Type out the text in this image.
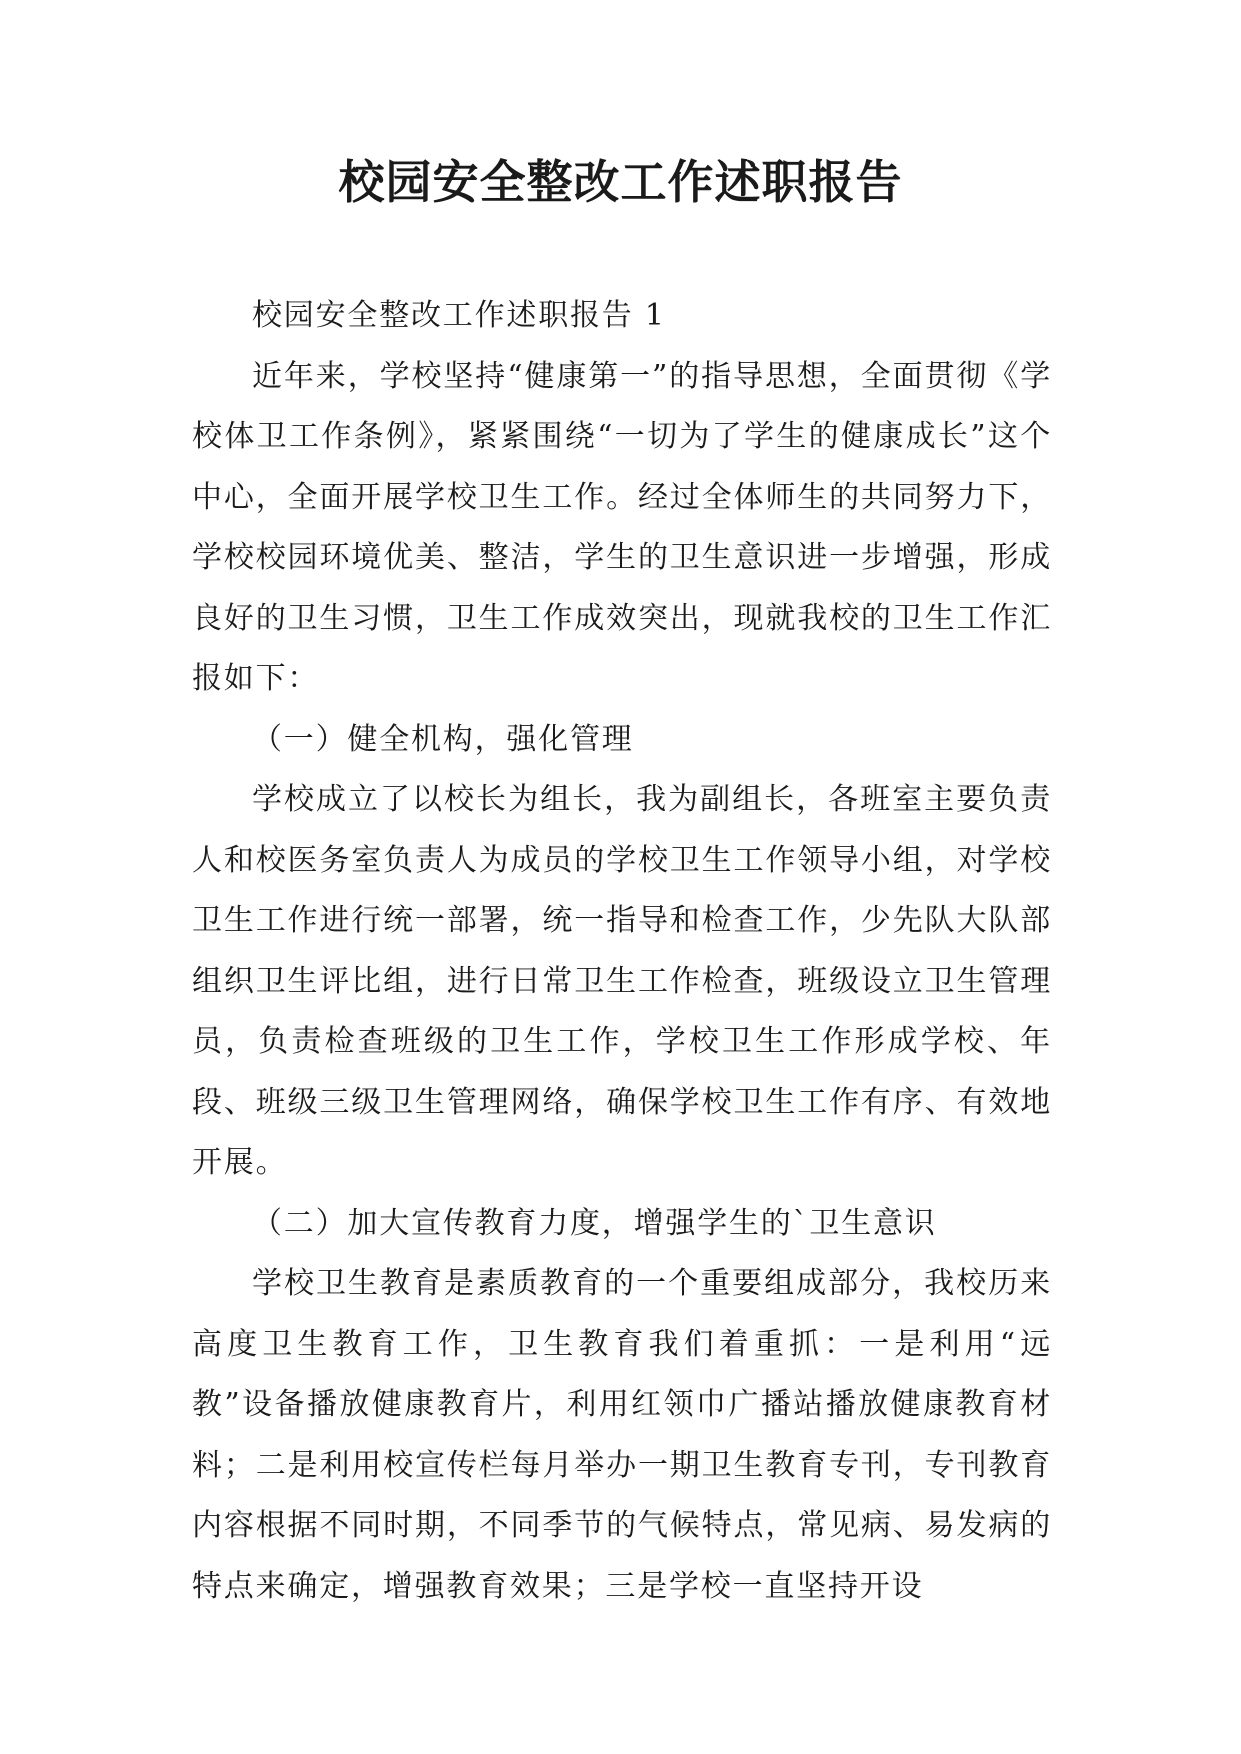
校园安全整改工作述职报告

校园安全整改工作述职报告 1

近年来，学校坚持“健康第一”的指导思想，全面贯彻《学校体卫工作条例》，紧紧围绕“一切为了学生的健康成长”这个中心，全面开展学校卫生工作。经过全体师生的共同努力下，学校校园环境优美、整洁，学生的卫生意识进一步增强，形成良好的卫生习惯，卫生工作成效突出，现就我校的卫生工作汇报如下：

（一）健全机构，强化管理

学校成立了以校长为组长，我为副组长，各班室主要负责人和校医务室负责人为成员的学校卫生工作领导小组，对学校卫生工作进行统一部署，统一指导和检查工作，少先队大队部组织卫生评比组，进行日常卫生工作检查，班级设立卫生管理员，负责检查班级的卫生工作，学校卫生工作形成学校、年段、班级三级卫生管理网络，确保学校卫生工作有序、有效地开展。

（二）加大宣传教育力度，增强学生的`卫生意识

学校卫生教育是素质教育的一个重要组成部分，我校历来高度卫生教育工作，卫生教育我们着重抓：一是利用“远教”设备播放健康教育片，利用红领巾广播站播放健康教育材料；二是利用校宣传栏每月举办一期卫生教育专刊，专刊教育内容根据不同时期，不同季节的气候特点，常见病、易发病的特点来确定，增强教育效果；三是学校一直坚持开设
